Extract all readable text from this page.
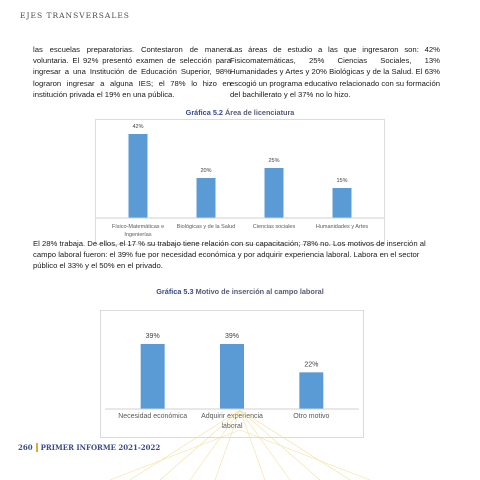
EJES TRANSVERSALES
las escuelas preparatorias. Contestaron de manera voluntaria. El 92% presentó examen de selección para ingresar a una Institución de Educación Superior, 98% lograron ingresar a alguna IES; el 78% lo hizo en institución privada el 19% en una pública.
Las áreas de estudio a las que ingresaron son: 42% Fisicomatemáticas, 25% Ciencias Sociales, 13% Humanidades y Artes y 20% Biológicas y de la Salud. El 63% escogió un programa educativo relacionado con su formación del bachillerato y el 37% no lo hizo.
Gráfica 5.2 Área de licenciatura
42%
Físico-Matemáticas e Ingenierías
20%
Biológicas y de la Salud
25%
Ciencias sociales
15%
Humanidades y Artes
El 28% trabaja. De ellos, el 17 % su trabajo tiene relación con su capacitación; 78% no. Los motivos de inserción al campo laboral fueron: el 39% fue por necesidad económica y por adquirir experiencia laboral. Labora en el sector público el 33% y el 50% en el privado.
Gráfica 5.3 Motivo de inserción al campo laboral
39%
Necesidad económica
39%
Adquirir experiencia laboral
22%
Otro motivo
260 PRIMER INFORME 2021-2022
